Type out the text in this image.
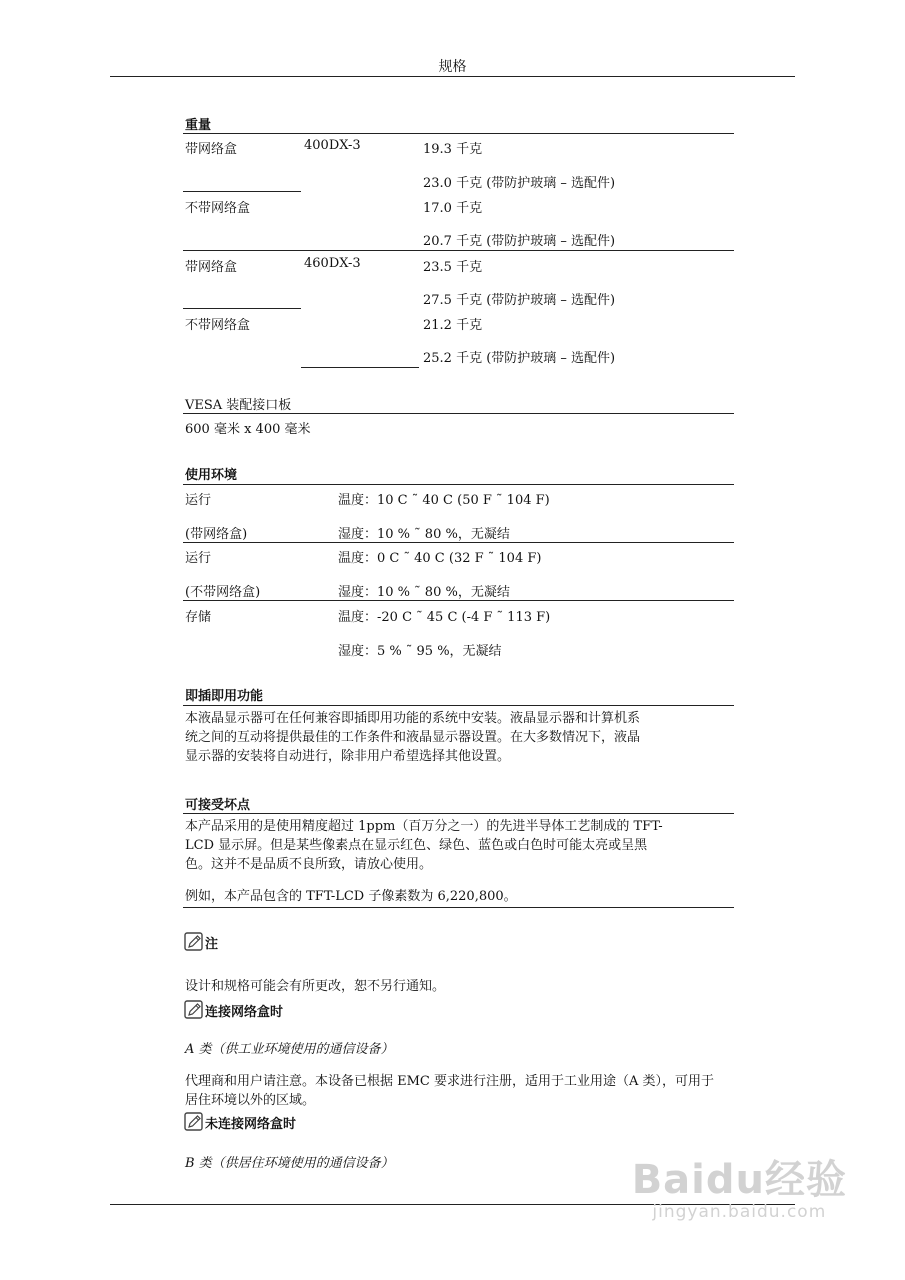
规格
重量
带网络盒	400DX-3	19.3 千克
23.0 千克 (带防护玻璃 – 选配件)
不带网络盒	17.0 千克
20.7 千克 (带防护玻璃 – 选配件)
带网络盒	460DX-3	23.5 千克
27.5 千克 (带防护玻璃 – 选配件)
不带网络盒	21.2 千克
25.2 千克 (带防护玻璃 – 选配件)
VESA 装配接口板
600 毫米 x 400 毫米
使用环境
运行	温度：10 C ˜ 40 C (50 F ˜ 104 F)
(带网络盒)	湿度：10 % ˜ 80 %，无凝结
运行	温度：0 C ˜ 40 C (32 F ˜ 104 F)
(不带网络盒)	湿度：10 % ˜ 80 %，无凝结
存储	温度：-20 C ˜ 45 C (-4 F ˜ 113 F)
湿度：5 % ˜ 95 %，无凝结
即插即用功能
本液晶显示器可在任何兼容即插即用功能的系统中安装。液晶显示器和计算机系
统之间的互动将提供最佳的工作条件和液晶显示器设置。在大多数情况下，液晶
显示器的安装将自动进行，除非用户希望选择其他设置。
可接受坏点
本产品采用的是使用精度超过 1ppm（百万分之一）的先进半导体工艺制成的 TFT-
LCD 显示屏。但是某些像素点在显示红色、绿色、蓝色或白色时可能太亮或呈黑
色。这并不是品质不良所致，请放心使用。
例如，本产品包含的 TFT-LCD 子像素数为 6,220,800。
注
设计和规格可能会有所更改，恕不另行通知。
连接网络盒时
A 类（供工业环境使用的通信设备）
代理商和用户请注意。本设备已根据 EMC 要求进行注册，适用于工业用途（A 类），可用于
居住环境以外的区域。
未连接网络盒时
B 类（供居住环境使用的通信设备）	Baidu经验
jingyan.baidu.com
